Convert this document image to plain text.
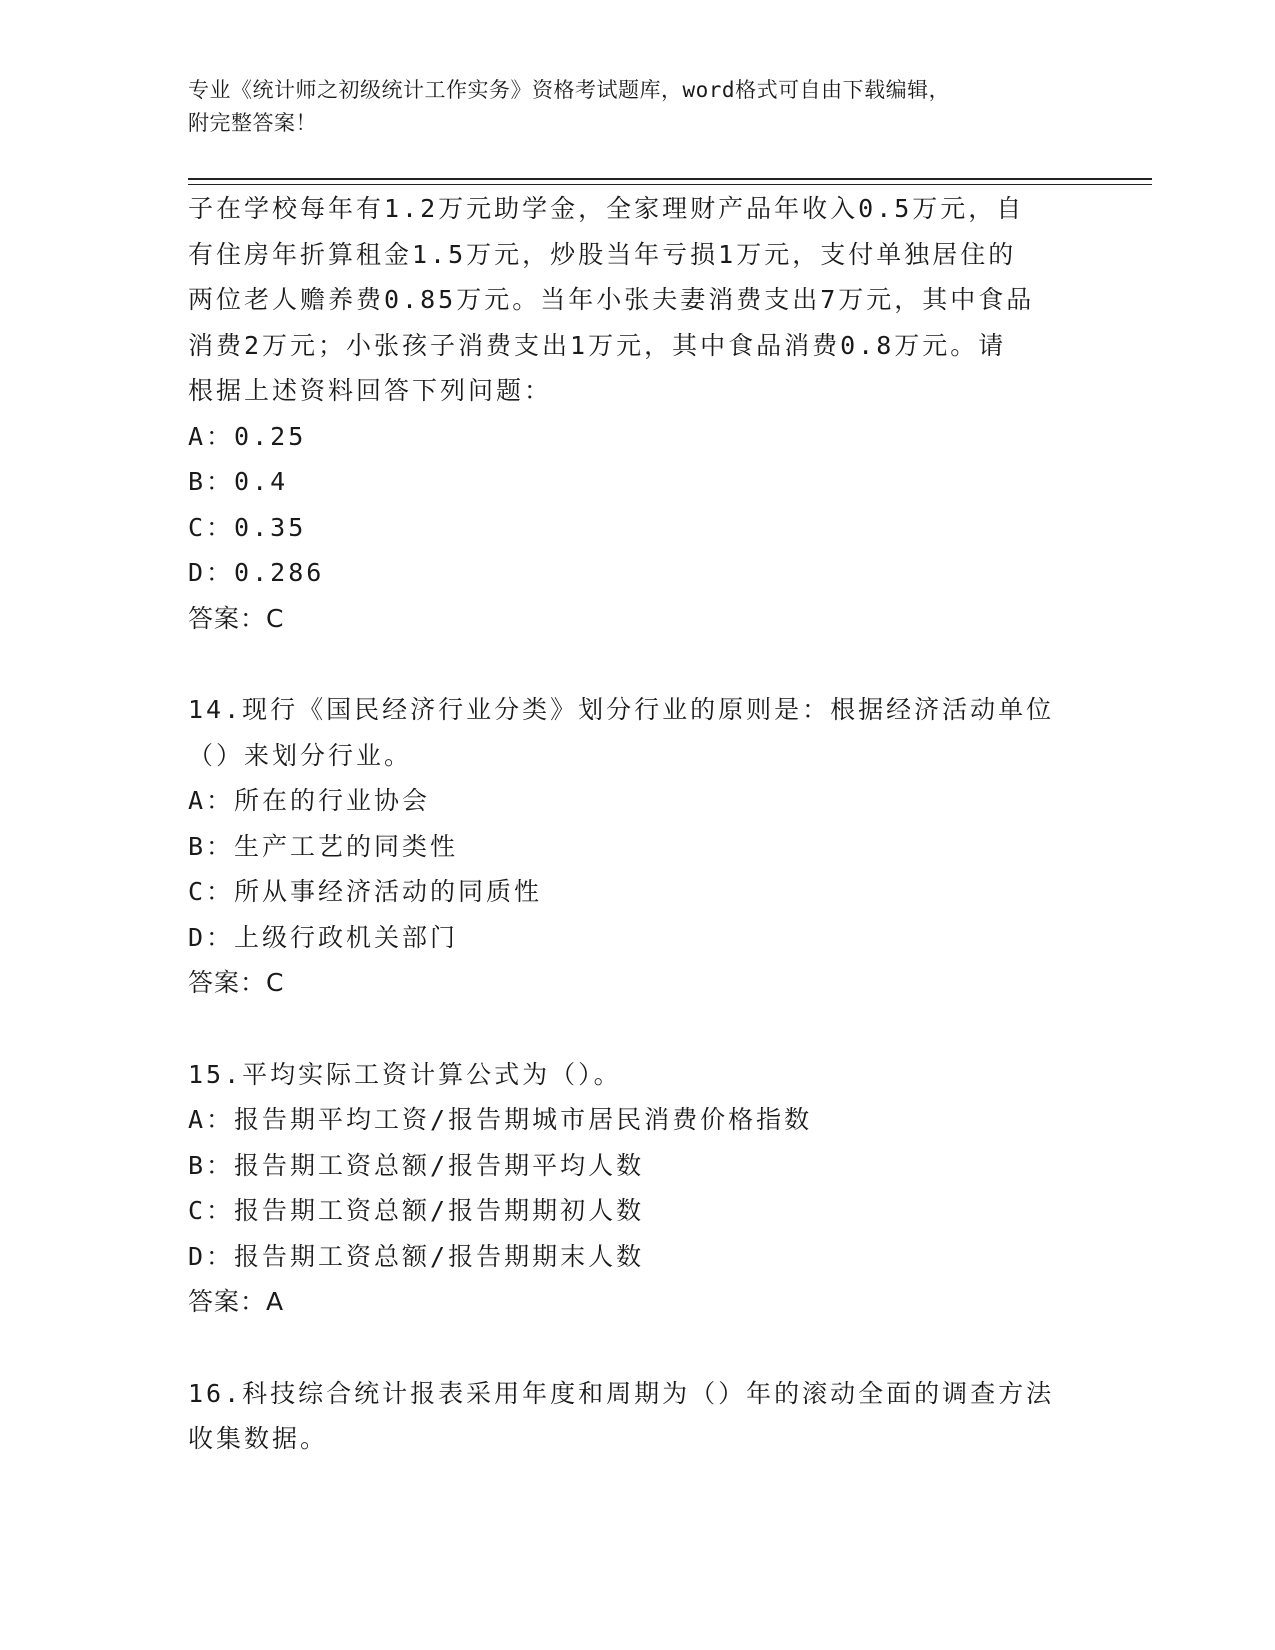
专业《统计师之初级统计工作实务》资格考试题库，word格式可自由下载编辑，
附完整答案！

子在学校每年有1.2万元助学金，全家理财产品年收入0.5万元，自

有住房年折算租金1.5万元，炒股当年亏损1万元，支付单独居住的

两位老人赡养费0.85万元。当年小张夫妻消费支出7万元，其中食品

消费2万元；小张孩子消费支出1万元，其中食品消费0.8万元。请

根据上述资料回答下列问题：

A：0.25

B：0.4

C：0.35

D：0.286

答案：C

14.现行《国民经济行业分类》划分行业的原则是：根据经济活动单位

（）来划分行业。

A：所在的行业协会

B：生产工艺的同类性

C：所从事经济活动的同质性

D：上级行政机关部门

答案：C

15.平均实际工资计算公式为（）。

A：报告期平均工资/报告期城市居民消费价格指数

B：报告期工资总额/报告期平均人数

C：报告期工资总额/报告期期初人数

D：报告期工资总额/报告期期末人数

答案：A

16.科技综合统计报表采用年度和周期为（）年的滚动全面的调查方法

收集数据。
